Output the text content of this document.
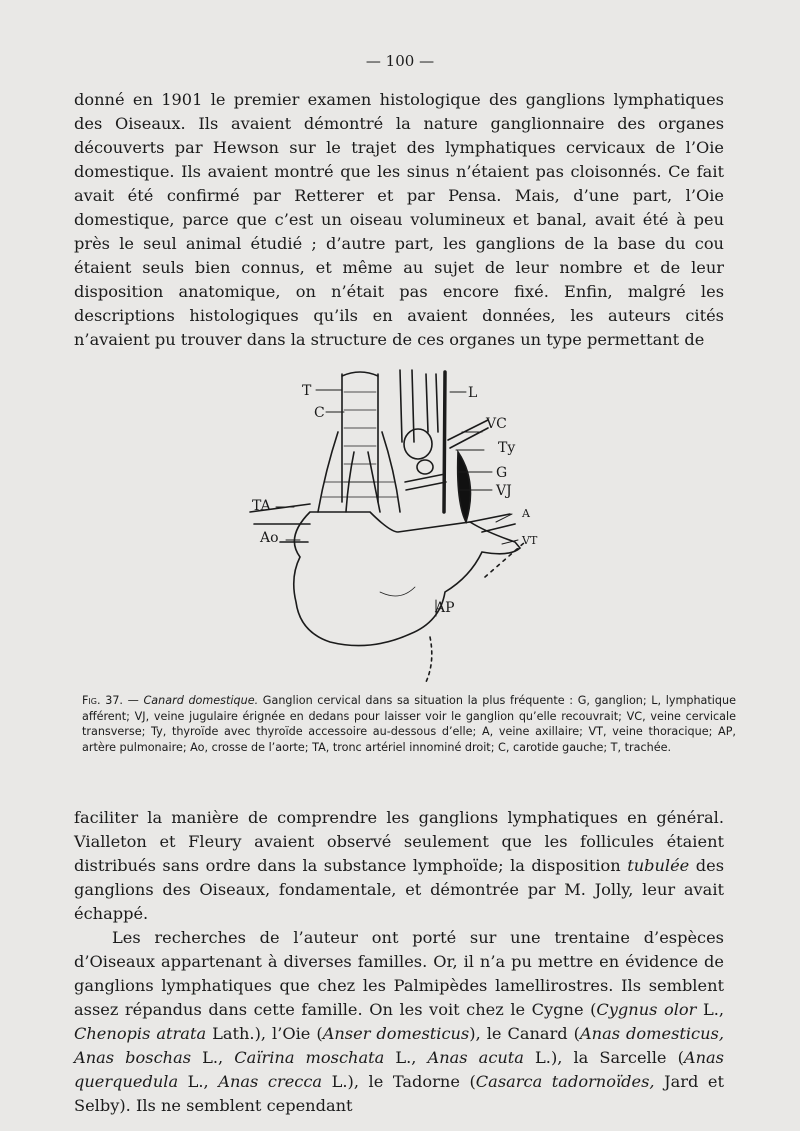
— 100 —

donné en 1901 le premier examen histologique des ganglions lymphatiques des Oiseaux. Ils avaient démontré la nature ganglionnaire des organes découverts par Hewson sur le trajet des lymphatiques cervicaux de l’Oie domestique. Ils avaient montré que les sinus n’étaient pas cloisonnés. Ce fait avait été confirmé par Retterer et par Pensa. Mais, d’une part, l’Oie domestique, parce que c’est un oiseau volumineux et banal, avait été à peu près le seul animal étudié ; d’autre part, les ganglions de la base du cou étaient seuls bien connus, et même au sujet de leur nombre et de leur disposition anatomique, on n’était pas encore fixé. Enfin, malgré les descriptions histologiques qu’ils en avaient données, les auteurs cités n’avaient pu trouver dans la structure de ces organes un type permettant de

T
C
L
VC
Ty
G
VJ
TA
Ao
A
VT
AP

Fig. 37. — Canard domestique. Ganglion cervical dans sa situation la plus fréquente : G, ganglion; L, lymphatique afférent; VJ, veine jugulaire érignée en dedans pour laisser voir le ganglion qu’elle recouvrait; VC, veine cervicale transverse; Ty, thyroïde avec thyroïde accessoire au-dessous d’elle; A, veine axillaire; VT, veine thoracique; AP, artère pulmonaire; Ao, crosse de l’aorte; TA, tronc artériel innominé droit; C, carotide gauche; T, trachée.

faciliter la manière de comprendre les ganglions lymphatiques en général. Vialleton et Fleury avaient observé seulement que les follicules étaient distribués sans ordre dans la substance lymphoïde; la disposition tubulée des ganglions des Oiseaux, fondamentale, et démontrée par M. Jolly, leur avait échappé.

Les recherches de l’auteur ont porté sur une trentaine d’espèces d’Oiseaux appartenant à diverses familles. Or, il n’a pu mettre en évidence de ganglions lymphatiques que chez les Palmipèdes lamellirostres. Ils semblent assez répandus dans cette famille. On les voit chez le Cygne (Cygnus olor L., Chenopis atrata Lath.), l’Oie (Anser domesticus), le Canard (Anas domesticus, Anas boschas L., Caïrina moschata L., Anas acuta L.), la Sarcelle (Anas querquedula L., Anas crecca L.), le Tadorne (Casarca tadornoïdes, Jard et Selby). Ils ne semblent cependant
